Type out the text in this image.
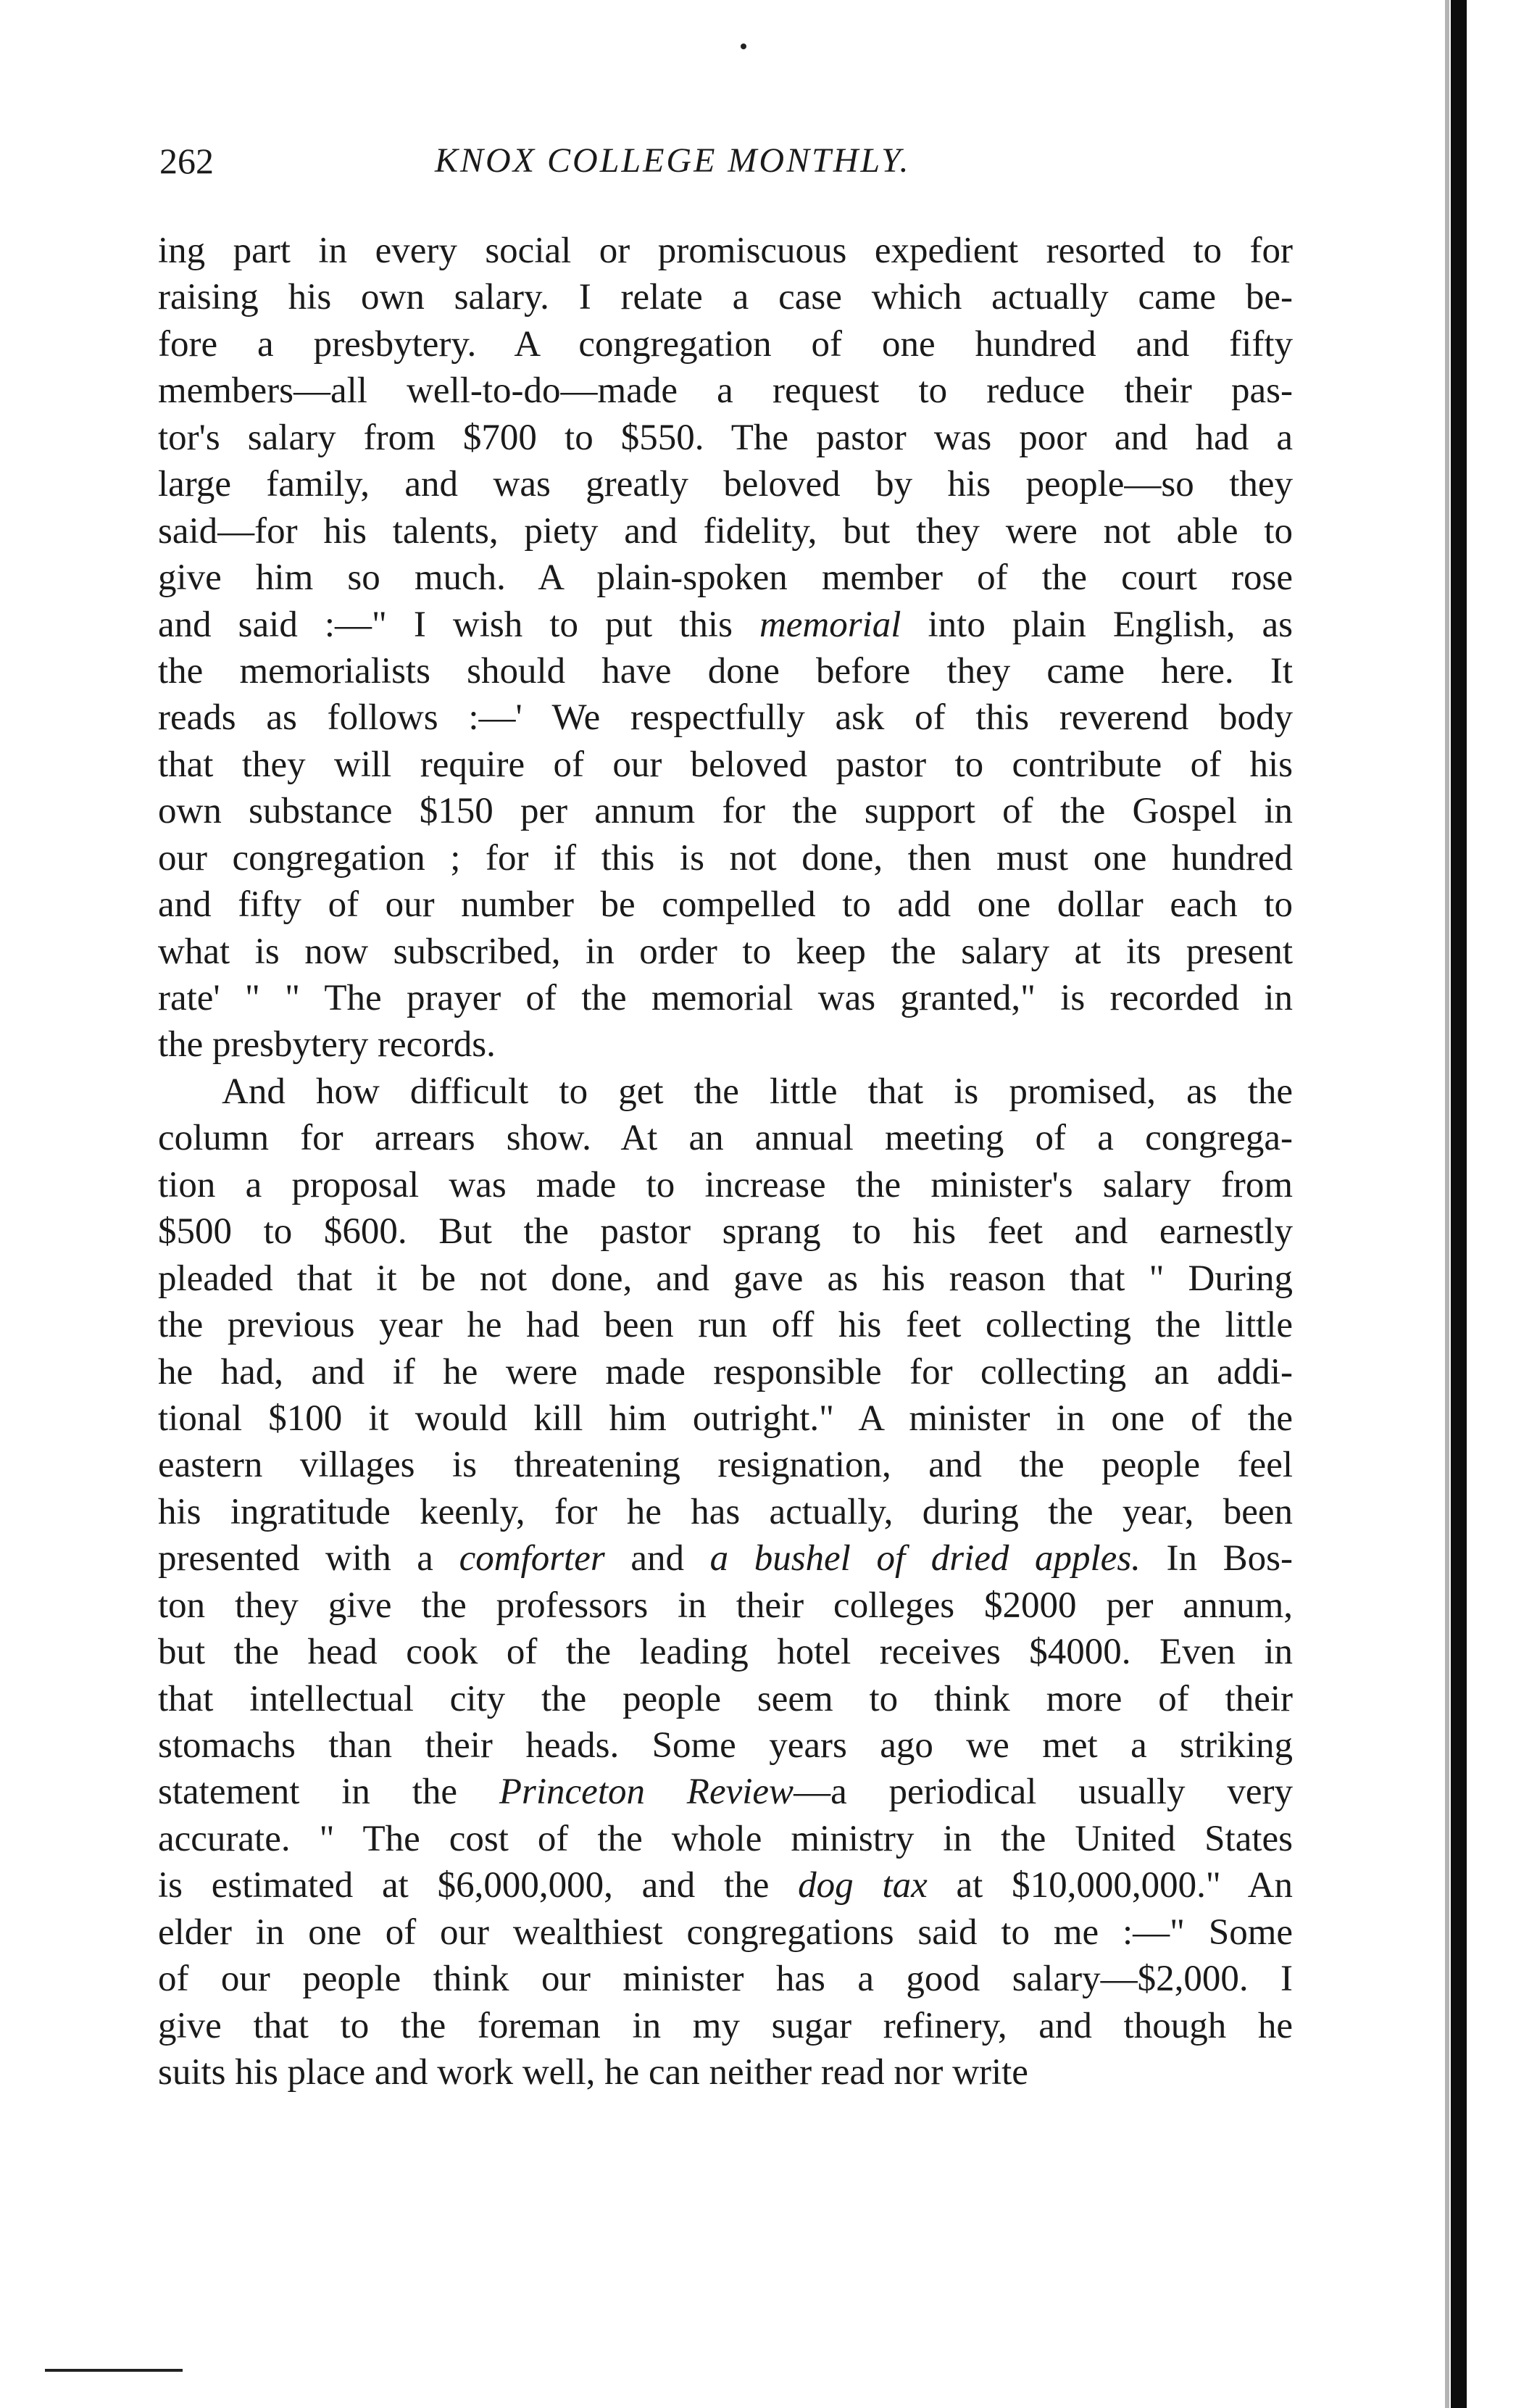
262	KNOX COLLEGE MONTHLY.
ing part in every social or promiscuous expedient resorted to for
raising his own salary. I relate a case which actually came be-
fore a presbytery. A congregation of one hundred and fifty
members—all well-to-do—made a request to reduce their pas-
tor's salary from $700 to $550. The pastor was poor and had a
large family, and was greatly beloved by his people—so they
said—for his talents, piety and fidelity, but they were not able to
give him so much. A plain-spoken member of the court rose
and said :—" I wish to put this memorial into plain English, as
the memorialists should have done before they came here. It
reads as follows :—' We respectfully ask of this reverend body
that they will require of our beloved pastor to contribute of his
own substance $150 per annum for the support of the Gospel in
our congregation ; for if this is not done, then must one hundred
and fifty of our number be compelled to add one dollar each to
what is now subscribed, in order to keep the salary at its present
rate' " " The prayer of the memorial was granted," is recorded in
the presbytery records.
And how difficult to get the little that is promised, as the
column for arrears show. At an annual meeting of a congrega-
tion a proposal was made to increase the minister's salary from
$500 to $600. But the pastor sprang to his feet and earnestly
pleaded that it be not done, and gave as his reason that " During
the previous year he had been run off his feet collecting the little
he had, and if he were made responsible for collecting an addi-
tional $100 it would kill him outright." A minister in one of the
eastern villages is threatening resignation, and the people feel
his ingratitude keenly, for he has actually, during the year, been
presented with a comforter and a bushel of dried apples. In Bos-
ton they give the professors in their colleges $2000 per annum,
but the head cook of the leading hotel receives $4000. Even in
that intellectual city the people seem to think more of their
stomachs than their heads. Some years ago we met a striking
statement in the Princeton Review—a periodical usually very
accurate. " The cost of the whole ministry in the United States
is estimated at $6,000,000, and the dog tax at $10,000,000." An
elder in one of our wealthiest congregations said to me :—" Some
of our people think our minister has a good salary—$2,000. I
give that to the foreman in my sugar refinery, and though he
suits his place and work well, he can neither read nor write
